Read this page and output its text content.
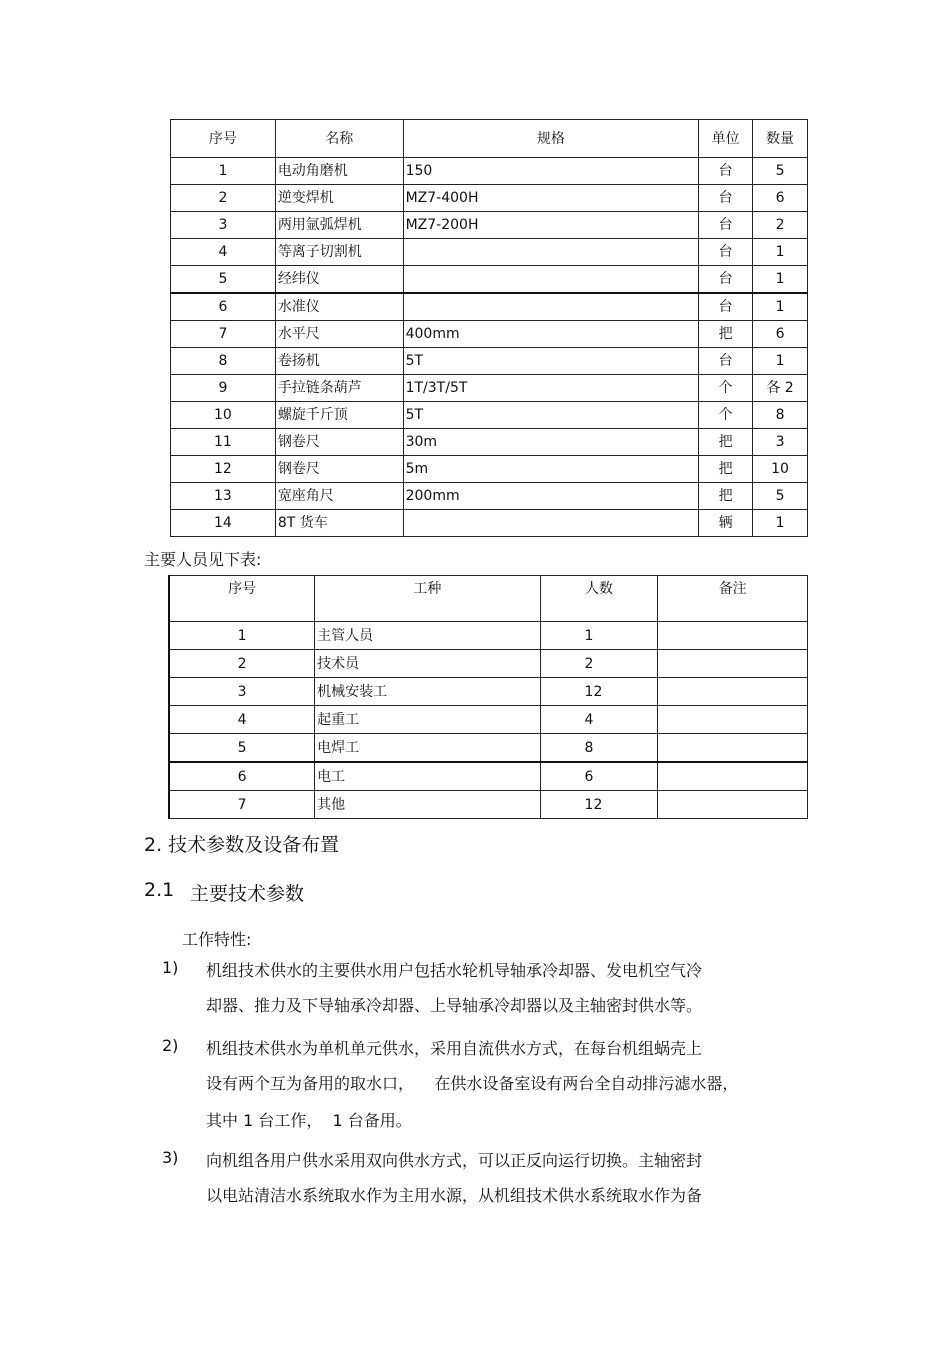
序号	名称	规格	单位	数量
1	电动角磨机	150	台	5
2	逆变焊机	MZ7-400H	台	6
3	两用氩弧焊机	MZ7-200H	台	2
4	等离子切割机		台	1
5	经纬仪		台	1
6	水准仪		台	1
7	水平尺	400mm	把	6
8	卷扬机	5T	台	1
9	手拉链条葫芦	1T/3T/5T	个	各 2
10	螺旋千斤顶	5T	个	8
11	钢卷尺	30m	把	3
12	钢卷尺	5m	把	10
13	宽座角尺	200mm	把	5
14	8T 货车		辆	1
主要人员见下表:
序号	工种	人数	备注
1	主管人员	1	
2	技术员	2	
3	机械安装工	12	
4	起重工	4	
5	电焊工	8	
6	电工	6	
7	其他	12	
2. 技术参数及设备布置
2.1 主要技术参数
工作特性:
1) 机组技术供水的主要供水用户包括水轮机导轴承冷却器、发电机空气冷
却器、推力及下导轴承冷却器、上导轴承冷却器以及主轴密封供水等。
2) 机组技术供水为单机单元供水，采用自流供水方式，在每台机组蜗壳上
设有两个互为备用的取水口，    在供水设备室设有两台全自动排污滤水器，
其中 1 台工作，  1 台备用。
3) 向机组各用户供水采用双向供水方式，可以正反向运行切换。主轴密封
以电站清洁水系统取水作为主用水源，从机组技术供水系统取水作为备
